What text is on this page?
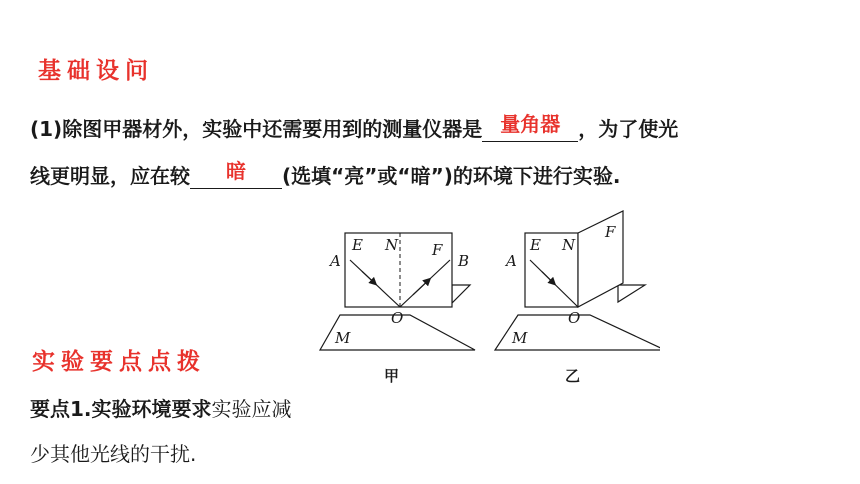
基础设问
(1)除图甲器材外，实验中还需要用到的测量仪器是 量角器 ，为了使光
线更明显，应在较	暗	(选填“亮”或“暗”)的环境下进行实验.
A
E N F
B
O
M
A
E N
F
O
M
甲	乙
实验要点点拨
要点1.实验环境要求实验应减
少其他光线的干扰.
